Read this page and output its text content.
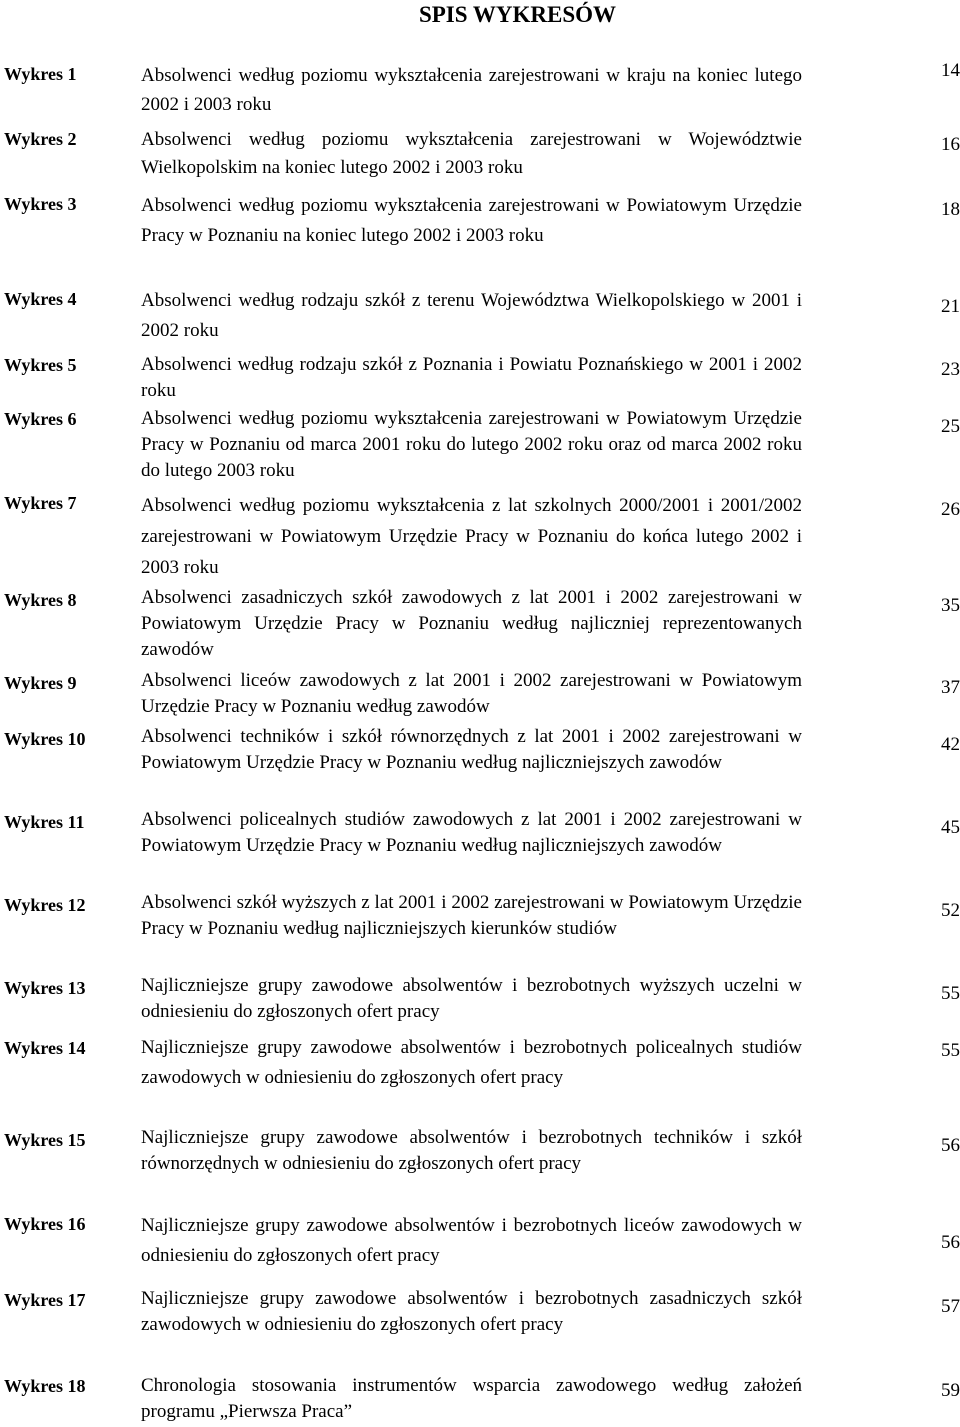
SPIS WYKRESÓW
Wykres 1	Absolwenci według poziomu wykształcenia zarejestrowani w kraju na koniec lutego 2002 i 2003 roku
14
Wykres 2	Absolwenci według poziomu wykształcenia zarejestrowani w Województwie Wielkopolskim na koniec lutego 2002 i 2003 roku
16
Wykres 3	Absolwenci według poziomu wykształcenia zarejestrowani w Powiatowym Urzędzie Pracy w Poznaniu na koniec lutego 2002 i 2003 roku
18
Wykres 4	Absolwenci według rodzaju szkół z terenu Województwa Wielkopolskiego w 2001 i 2002 roku
21
Wykres 5	Absolwenci według rodzaju szkół z Poznania i Powiatu Poznańskiego w 2001 i 2002 roku
23
Wykres 6	Absolwenci według poziomu wykształcenia zarejestrowani w Powiatowym Urzędzie Pracy w Poznaniu od marca 2001 roku do lutego 2002 roku oraz od marca 2002 roku do lutego 2003 roku
25
Wykres 7	Absolwenci według poziomu wykształcenia z lat szkolnych 2000/2001 i 2001/2002 zarejestrowani w Powiatowym Urzędzie Pracy w Poznaniu do końca lutego 2002 i 2003 roku
26
Wykres 8	Absolwenci zasadniczych szkół zawodowych z lat 2001 i 2002 zarejestrowani w Powiatowym Urzędzie Pracy w Poznaniu według najliczniej reprezentowanych zawodów
35
Wykres 9	Absolwenci liceów zawodowych z lat 2001 i 2002 zarejestrowani w Powiatowym Urzędzie Pracy w Poznaniu według zawodów
37
Wykres 10	Absolwenci techników i szkół równorzędnych z lat 2001 i 2002 zarejestrowani w Powiatowym Urzędzie Pracy w Poznaniu według najliczniejszych zawodów
42
Wykres 11	Absolwenci policealnych studiów zawodowych z lat 2001 i 2002 zarejestrowani w Powiatowym Urzędzie Pracy w Poznaniu według najliczniejszych zawodów
45
Wykres 12	Absolwenci szkół wyższych z lat 2001 i 2002 zarejestrowani w Powiatowym Urzędzie Pracy w Poznaniu według najliczniejszych kierunków studiów
52
Wykres 13	Najliczniejsze grupy zawodowe absolwentów i bezrobotnych wyższych uczelni w odniesieniu do zgłoszonych ofert pracy
55
Wykres 14	Najliczniejsze grupy zawodowe absolwentów i bezrobotnych policealnych studiów zawodowych w odniesieniu do zgłoszonych ofert pracy
55
Wykres 15	Najliczniejsze grupy zawodowe absolwentów i bezrobotnych techników i szkół równorzędnych w odniesieniu do zgłoszonych ofert pracy
56
Wykres 16	Najliczniejsze grupy zawodowe absolwentów i bezrobotnych liceów zawodowych w odniesieniu do zgłoszonych ofert pracy
56
Wykres 17	Najliczniejsze grupy zawodowe absolwentów i bezrobotnych zasadniczych szkół zawodowych w odniesieniu do zgłoszonych ofert pracy
57
Wykres 18	Chronologia stosowania instrumentów wsparcia zawodowego według założeń programu „Pierwsza Praca”
59
